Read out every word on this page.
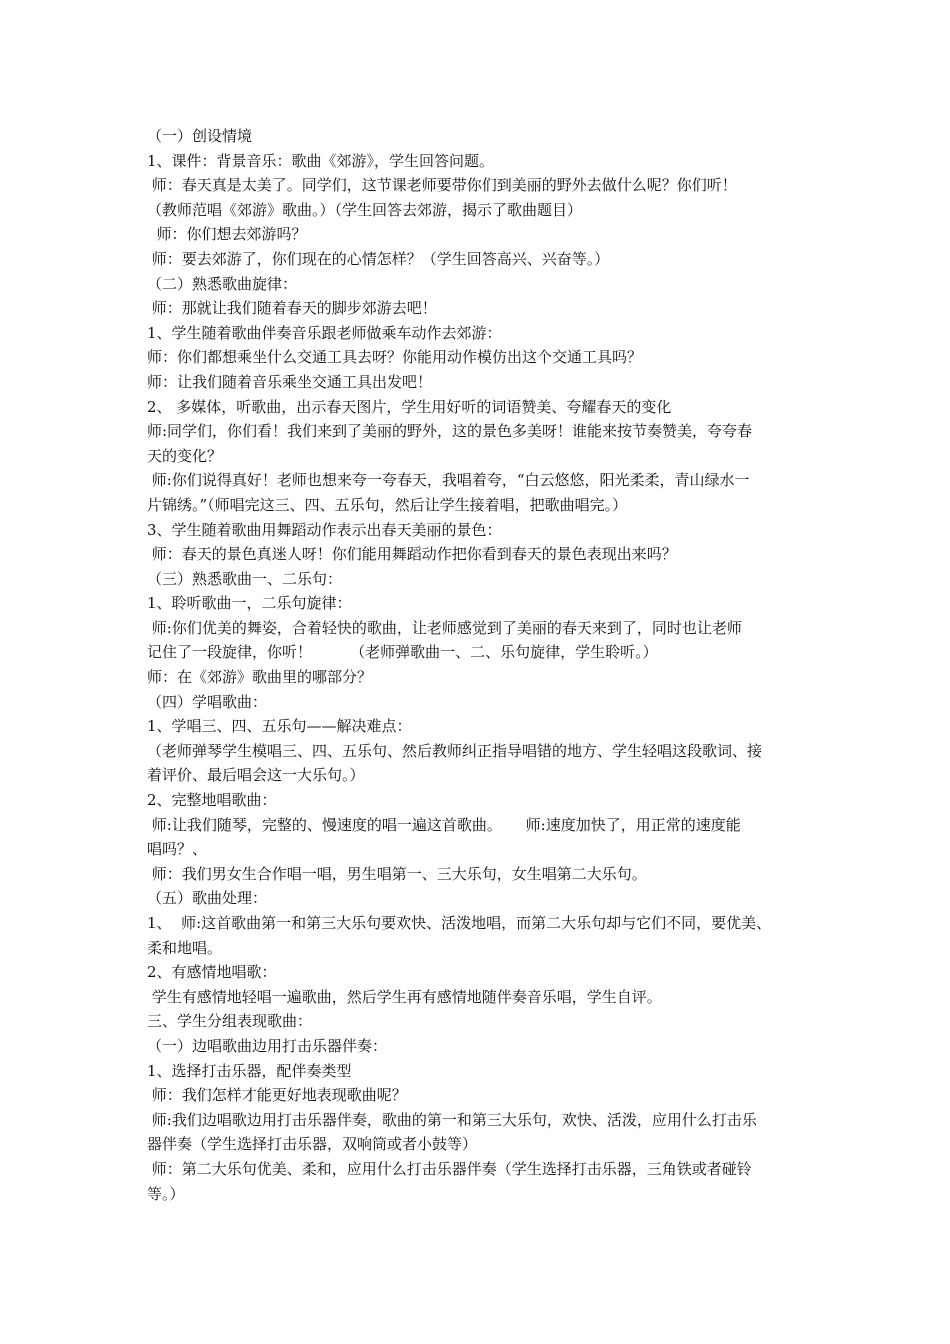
（一）创设情境

1、课件：背景音乐：歌曲《郊游》，学生回答问题。

师：春天真是太美了。同学们，这节课老师要带你们到美丽的野外去做什么呢？你们听！

（教师范唱《郊游》歌曲。）（学生回答去郊游，揭示了歌曲题目）

师：你们想去郊游吗？

师：要去郊游了，你们现在的心情怎样？（学生回答高兴、兴奋等。）

（二）熟悉歌曲旋律：

师：那就让我们随着春天的脚步郊游去吧！

1、学生随着歌曲伴奏音乐跟老师做乘车动作去郊游：

师：你们都想乘坐什么交通工具去呀？你能用动作模仿出这个交通工具吗？

师：让我们随着音乐乘坐交通工具出发吧！

2、 多媒体，听歌曲，出示春天图片，学生用好听的词语赞美、夸耀春天的变化

师:同学们，你们看！我们来到了美丽的野外，这的景色多美呀！谁能来按节奏赞美，夸夸春

天的变化？

师:你们说得真好！老师也想来夸一夸春天，我唱着夸，“白云悠悠，阳光柔柔，青山绿水一

片锦绣。”（师唱完这三、四、五乐句，然后让学生接着唱，把歌曲唱完。）

3、学生随着歌曲用舞蹈动作表示出春天美丽的景色：

师：春天的景色真迷人呀！你们能用舞蹈动作把你看到春天的景色表现出来吗？

（三）熟悉歌曲一、二乐句：

1、聆听歌曲一，二乐句旋律：

师:你们优美的舞姿，合着轻快的歌曲，让老师感觉到了美丽的春天来到了，同时也让老师

记住了一段旋律，你听！        （老师弹歌曲一、二、乐句旋律，学生聆听。）

师：在《郊游》歌曲里的哪部分？

（四）学唱歌曲：

1、学唱三、四、五乐句——解决难点：

（老师弹琴学生模唱三、四、五乐句、然后教师纠正指导唱错的地方、学生轻唱这段歌词、接

着评价、最后唱会这一大乐句。）

2、完整地唱歌曲：

师:让我们随琴，完整的、慢速度的唱一遍这首歌曲。     师:速度加快了，用正常的速度能

唱吗？、

师：我们男女生合作唱一唱，男生唱第一、三大乐句，女生唱第二大乐句。

（五）歌曲处理：

1、  师:这首歌曲第一和第三大乐句要欢快、活泼地唱，而第二大乐句却与它们不同，要优美、

柔和地唱。

2、有感情地唱歌：

学生有感情地轻唱一遍歌曲，然后学生再有感情地随伴奏音乐唱，学生自评。

三、学生分组表现歌曲：

（一）边唱歌曲边用打击乐器伴奏：

1、选择打击乐器，配伴奏类型

师：我们怎样才能更好地表现歌曲呢？

师:我们边唱歌边用打击乐器伴奏，歌曲的第一和第三大乐句，欢快、活泼，应用什么打击乐

器伴奏（学生选择打击乐器，双响筒或者小鼓等）

师：第二大乐句优美、柔和，应用什么打击乐器伴奏（学生选择打击乐器，三角铁或者碰铃

等。）
